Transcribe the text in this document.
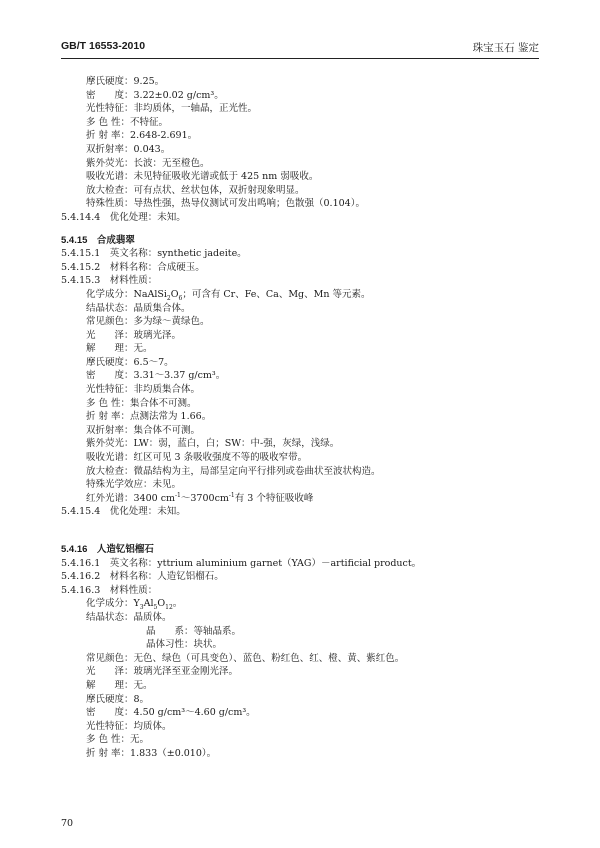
GB/T 16553-2010	珠宝玉石 鉴定
摩氏硬度：9.25。
密　　度：3.22±0.02 g/cm³。
光性特征：非均质体，一轴晶，正光性。
多 色 性：不特征。
折 射 率：2.648-2.691。
双折射率：0.043。
紫外荧光：长波：无至橙色。
吸收光谱：未见特征吸收光谱或低于 425 nm 弱吸收。
放大检查：可有点状、丝状包体，双折射现象明显。
特殊性质：导热性强，热导仪测试可发出鸣响；色散强（0.104）。
5.4.14.4　优化处理：未知。
5.4.15　合成翡翠
5.4.15.1　英文名称：synthetic jadeite。
5.4.15.2　材料名称：合成硬玉。
5.4.15.3　材料性质：
化学成分：$NaAlSi_2O_6$；可含有 Cr、Fe、Ca、Mg、Mn 等元素。
结晶状态：晶质集合体。
常见颜色：多为绿～黄绿色。
光　　泽：玻璃光泽。
解　　理：无。
摩氏硬度：6.5～7。
密　　度：3.31～3.37 g/cm³。
光性特征：非均质集合体。
多 色 性：集合体不可测。
折 射 率：点测法常为 1.66。
双折射率：集合体不可测。
紫外荧光：LW：弱，蓝白，白；SW：中-强，灰绿，浅绿。
吸收光谱：红区可见 3 条吸收强度不等的吸收窄带。
放大检查：微晶结构为主，局部呈定向平行排列或卷曲状至波状构造。
特殊光学效应：未见。
红外光谱：3400 $cm^{-1}\sim 3700cm^{-1}$有 3 个特征吸收峰
5.4.15.4　优化处理：未知。
5.4.16　人造钇铝榴石
5.4.16.1　英文名称：yttrium aluminium garnet（YAG）－artificial product。
5.4.16.2　材料名称：人造钇铝榴石。
5.4.16.3　材料性质：
化学成分：$Y_3Al_5O_{12}$。
结晶状态：晶质体。
晶　　系：等轴晶系。
晶体习性：块状。
常见颜色：无色、绿色（可具变色）、蓝色、粉红色、红、橙、黄、紫红色。
光　　泽：玻璃光泽至亚金刚光泽。
解　　理：无。
摩氏硬度：8。
密　　度：4.50 g/cm³～4.60 g/cm³。
光性特征：均质体。
多 色 性：无。
折 射 率：1.833（±0.010）。
70
